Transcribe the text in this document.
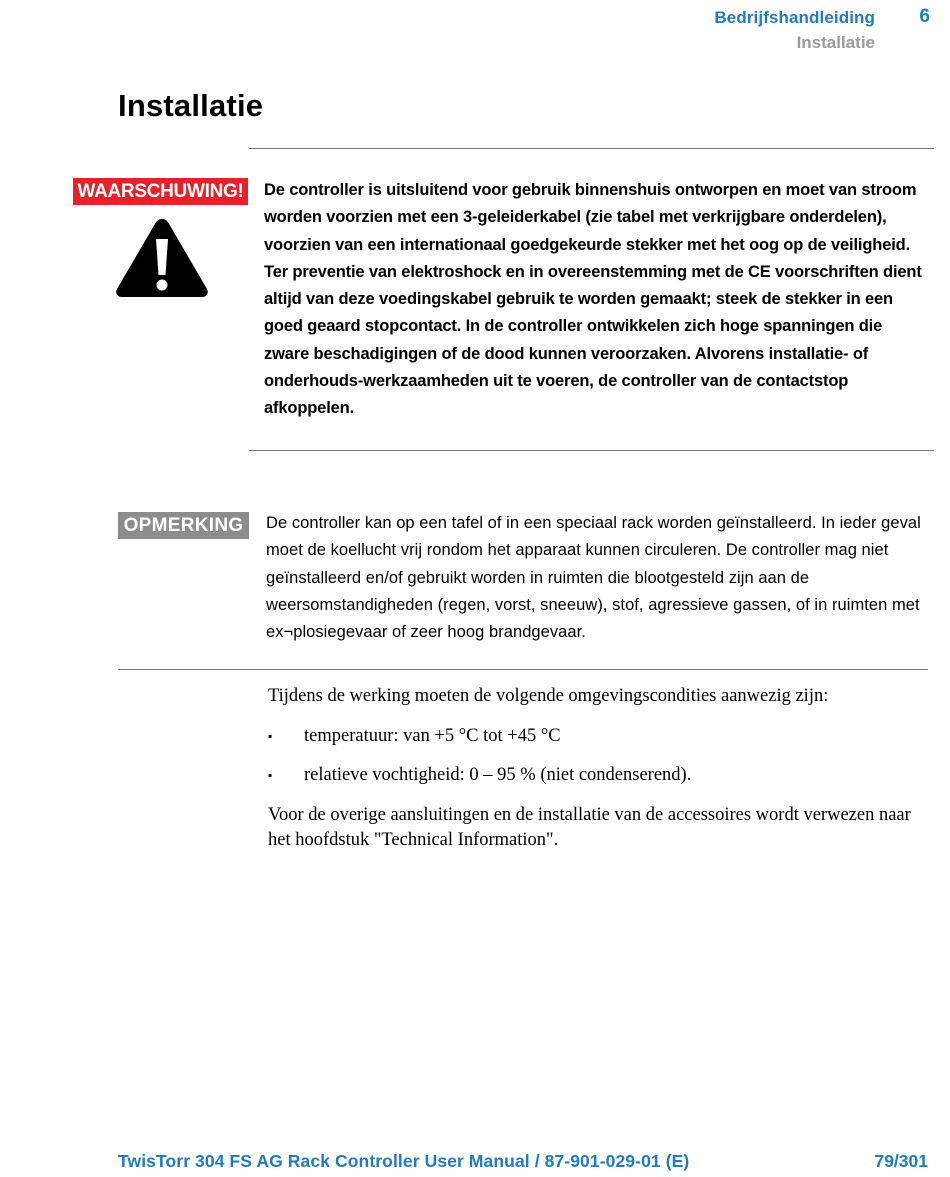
Bedrijfshandleiding	6
Installatie
Installatie
WAARSCHUWING! De controller is uitsluitend voor gebruik binnenshuis ontworpen en moet van stroom worden voorzien met een 3-geleiderkabel (zie tabel met verkrijgbare onderdelen), voorzien van een internationaal goedgekeurde stekker met het oog op de veiligheid. Ter preventie van elektroshock en in overeenstemming met de CE voorschriften dient altijd van deze voedingskabel gebruik te worden gemaakt; steek de stekker in een goed geaard stopcontact. In de controller ontwikkelen zich hoge spanningen die zware beschadigingen of de dood kunnen veroorzaken. Alvorens installatie- of onderhouds-werkzaamheden uit te voeren, de controller van de contactstop afkoppelen.
OPMERKING	De controller kan op een tafel of in een speciaal rack worden geïnstalleerd. In ieder geval moet de koellucht vrij rondom het apparaat kunnen circuleren. De controller mag niet geïnstalleerd en/of gebruikt worden in ruimten die blootgesteld zijn aan de weersomstandigheden (regen, vorst, sneeuw), stof, agressieve gassen, of in ruimten met ex¬plosiegevaar of zeer hoog brandgevaar.

Tijdens de werking moeten de volgende omgevingscondities aanwezig zijn:

▪ temperatuur: van +5 °C tot +45 °C
▪ relatieve vochtigheid: 0 – 95 % (niet condenserend).

Voor de overige aansluitingen en de installatie van de accessoires wordt verwezen naar het hoofdstuk "Technical Information".

TwisTorr 304 FS AG Rack Controller User Manual / 87-901-029-01 (E)	79/301
